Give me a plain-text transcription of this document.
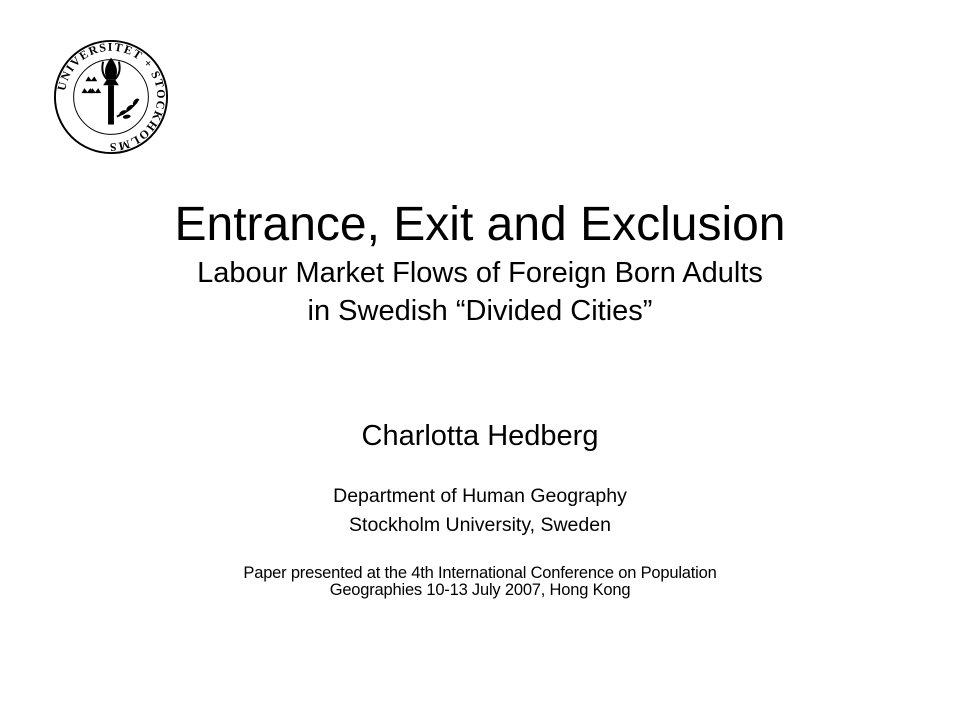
UNIVERSITET + STOCKHOLMS
Entrance, Exit and Exclusion
Labour Market Flows of Foreign Born Adults
in Swedish “Divided Cities”
Charlotta Hedberg
Department of Human Geography
Stockholm University, Sweden
Paper presented at the 4th International Conference on Population
Geographies 10-13 July 2007, Hong Kong
